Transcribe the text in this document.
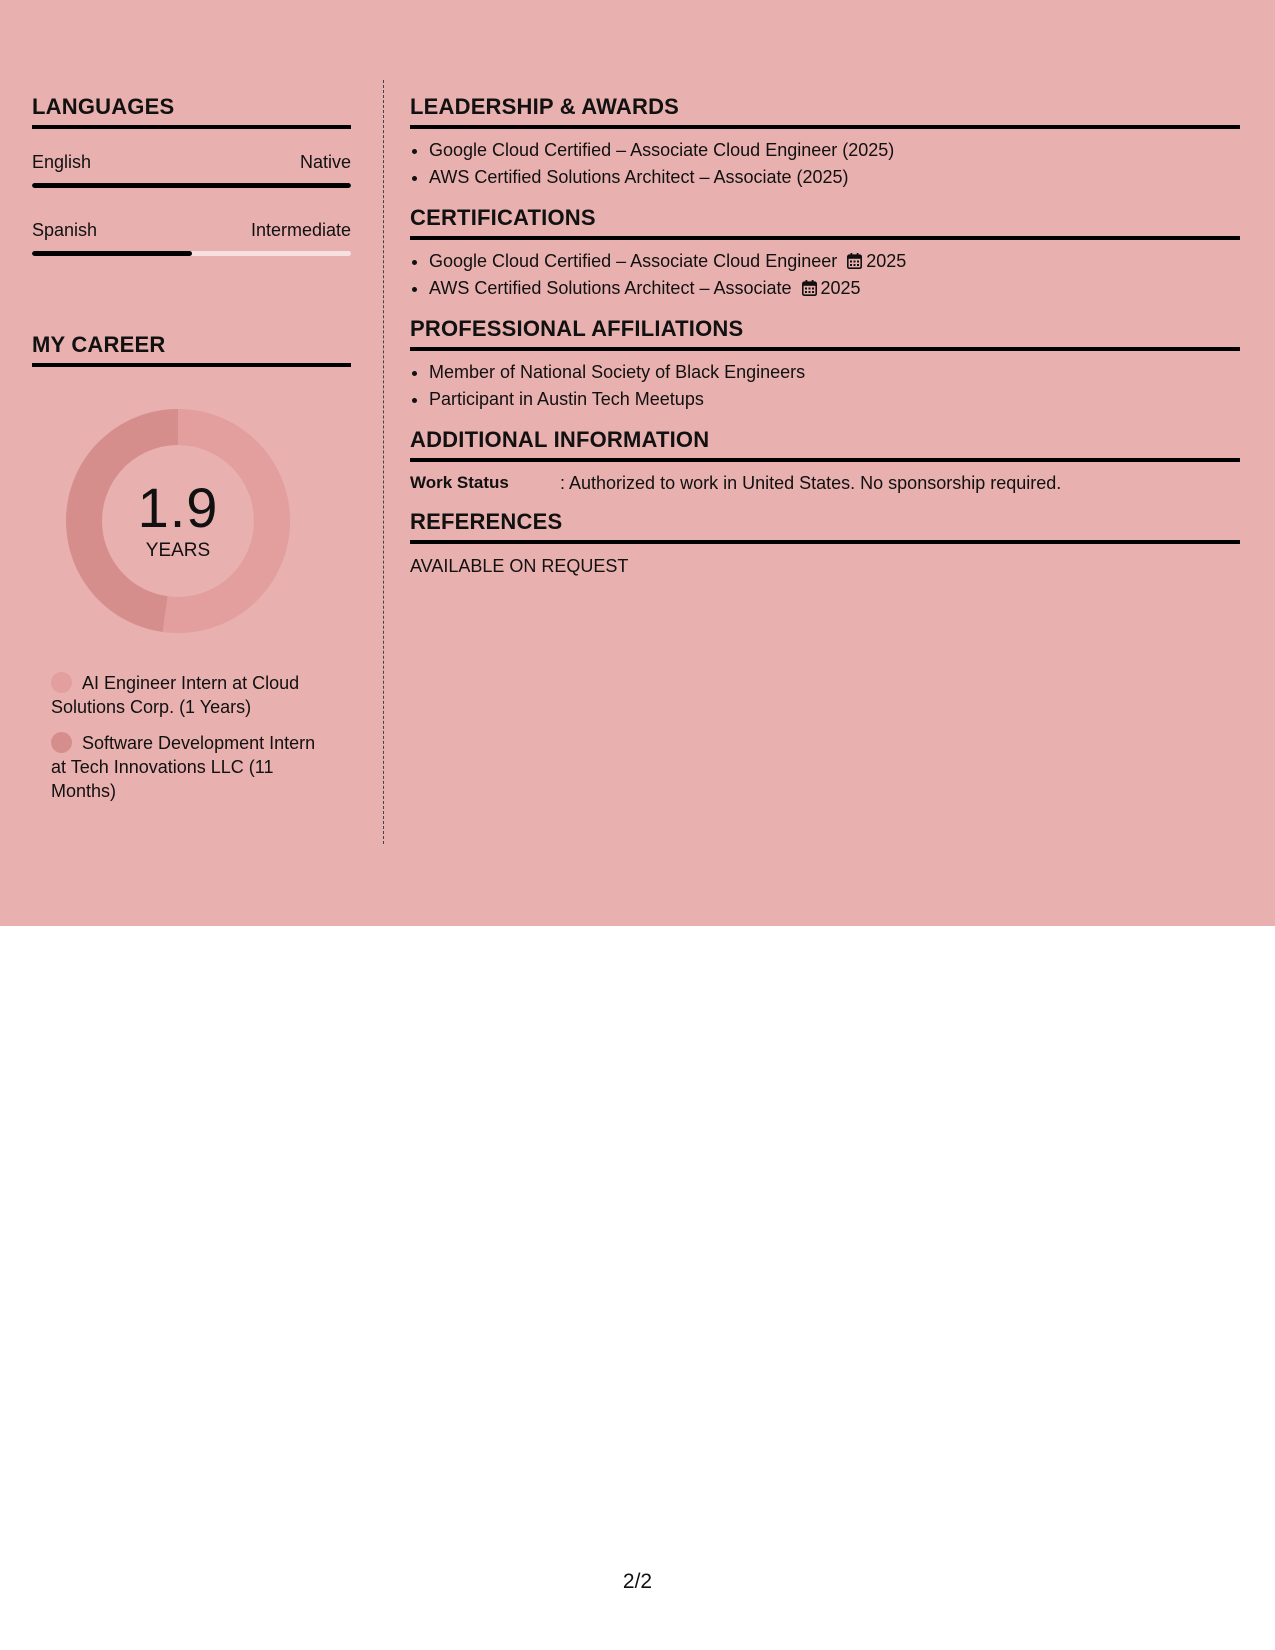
LANGUAGES
English	Native
Spanish	Intermediate
MY CAREER
1.9
YEARS
AI Engineer Intern at Cloud Solutions Corp. (1 Years)
Software Development Intern at Tech Innovations LLC (11 Months)
LEADERSHIP & AWARDS
• Google Cloud Certified – Associate Cloud Engineer (2025)
• AWS Certified Solutions Architect – Associate (2025)
CERTIFICATIONS
• Google Cloud Certified – Associate Cloud Engineer 2025
• AWS Certified Solutions Architect – Associate 2025
PROFESSIONAL AFFILIATIONS
• Member of National Society of Black Engineers
• Participant in Austin Tech Meetups
ADDITIONAL INFORMATION
Work Status	: Authorized to work in United States. No sponsorship required.
REFERENCES
AVAILABLE ON REQUEST
2/2
